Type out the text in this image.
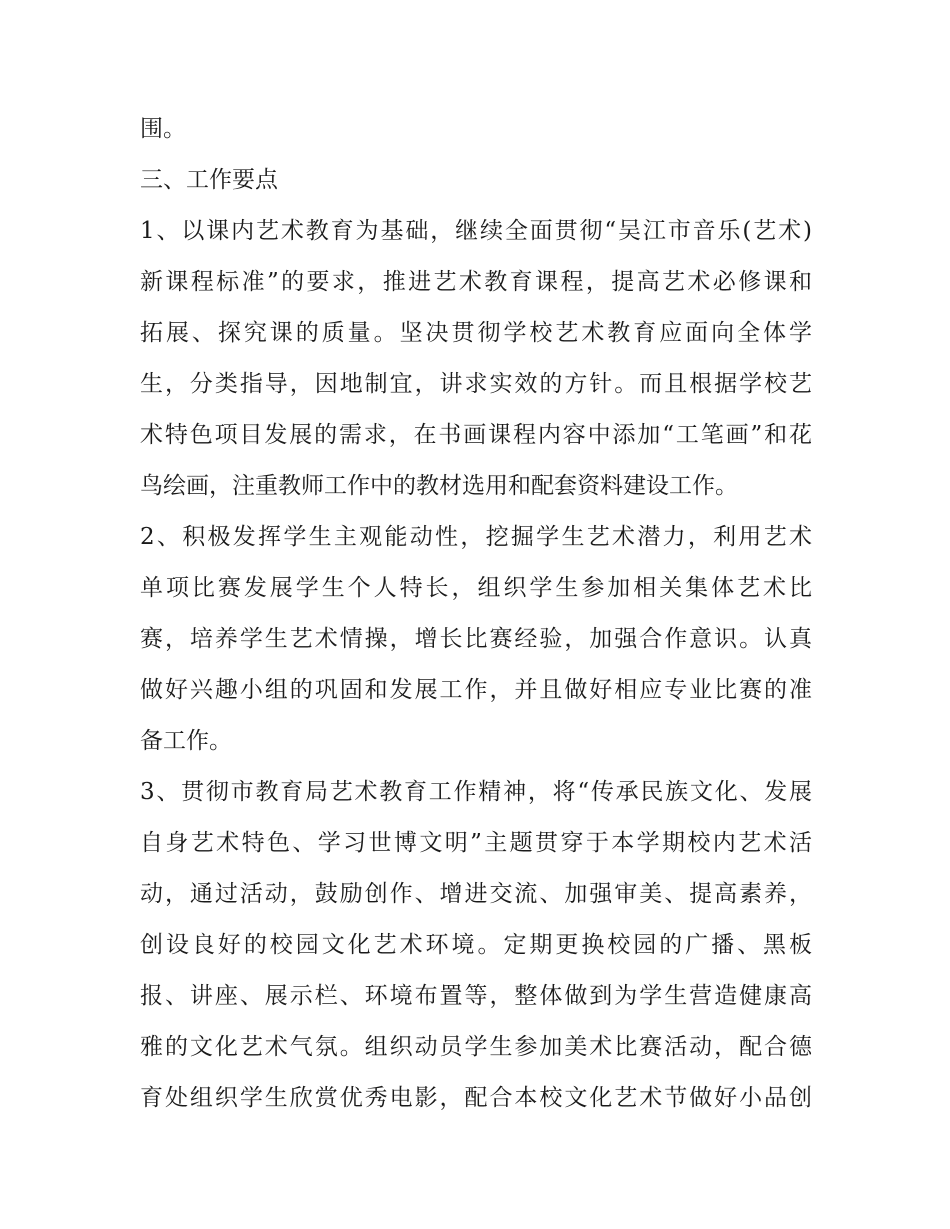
围。
三、工作要点
1、以课内艺术教育为基础，继续全面贯彻“吴江市音乐(艺术)
新课程标准”的要求，推进艺术教育课程，提高艺术必修课和
拓展、探究课的质量。坚决贯彻学校艺术教育应面向全体学
生，分类指导，因地制宜，讲求实效的方针。而且根据学校艺
术特色项目发展的需求，在书画课程内容中添加“工笔画”和花
鸟绘画，注重教师工作中的教材选用和配套资料建设工作。
2、积极发挥学生主观能动性，挖掘学生艺术潜力，利用艺术
单项比赛发展学生个人特长，组织学生参加相关集体艺术比
赛，培养学生艺术情操，增长比赛经验，加强合作意识。认真
做好兴趣小组的巩固和发展工作，并且做好相应专业比赛的准
备工作。
3、贯彻市教育局艺术教育工作精神，将“传承民族文化、发展
自身艺术特色、学习世博文明”主题贯穿于本学期校内艺术活
动，通过活动，鼓励创作、增进交流、加强审美、提高素养，
创设良好的校园文化艺术环境。定期更换校园的广播、黑板
报、讲座、展示栏、环境布置等，整体做到为学生营造健康高
雅的文化艺术气氛。组织动员学生参加美术比赛活动，配合德
育处组织学生欣赏优秀电影，配合本校文化艺术节做好小品创
